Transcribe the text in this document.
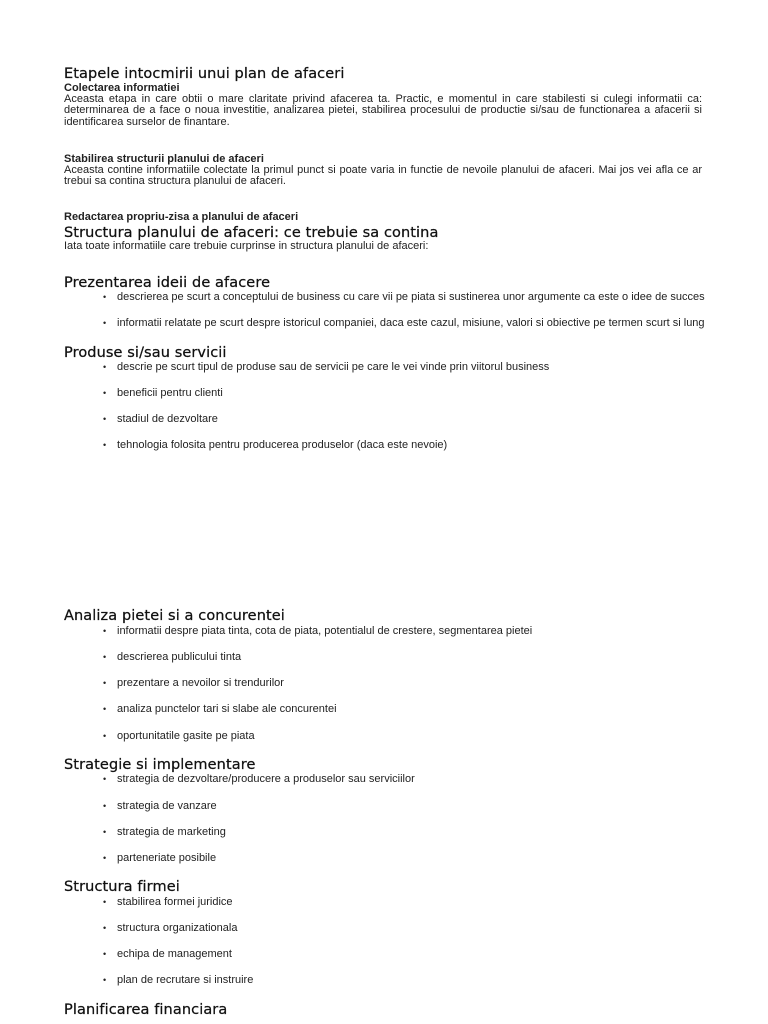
Etapele intocmirii unui plan de afaceri
Colectarea informatiei

Aceasta etapa in care obtii o mare claritate privind afacerea ta. Practic, e momentul in care stabilesti si culegi informatii ca: determinarea de a face o noua investitie, analizarea pietei, stabilirea procesului de productie si/sau de functionarea a afacerii si identificarea surselor de finantare.

Stabilirea structurii planului de afaceri

Aceasta contine informatiile colectate la primul punct si poate varia in functie de nevoile planului de afaceri. Mai jos vei afla ce ar trebui sa contina structura planului de afaceri.

Redactarea propriu-zisa a planului de afaceri
Structura planului de afaceri: ce trebuie sa contina

Iata toate informatiile care trebuie curprinse in structura planului de afaceri:

Prezentarea ideii de afacere
• descrierea pe scurt a conceptului de business cu care vii pe piata si sustinerea unor argumente ca este o idee de succes
• informatii relatate pe scurt despre istoricul companiei, daca este cazul, misiune, valori si obiective pe termen scurt si lung
Produse si/sau servicii
• descrie pe scurt tipul de produse sau de servicii pe care le vei vinde prin viitorul business
• beneficii pentru clienti
• stadiul de dezvoltare
• tehnologia folosita pentru producerea produselor (daca este nevoie)
Analiza pietei si a concurentei
• informatii despre piata tinta, cota de piata, potentialul de crestere, segmentarea pietei
• descrierea publicului tinta
• prezentare a nevoilor si trendurilor
• analiza punctelor tari si slabe ale concurentei
• oportunitatile gasite pe piata
Strategie si implementare
• strategia de dezvoltare/producere a produselor sau serviciilor
• strategia de vanzare
• strategia de marketing
• parteneriate posibile
Structura firmei
• stabilirea formei juridice
• structura organizationala
• echipa de management
• plan de recrutare si instruire
Planificarea financiara
